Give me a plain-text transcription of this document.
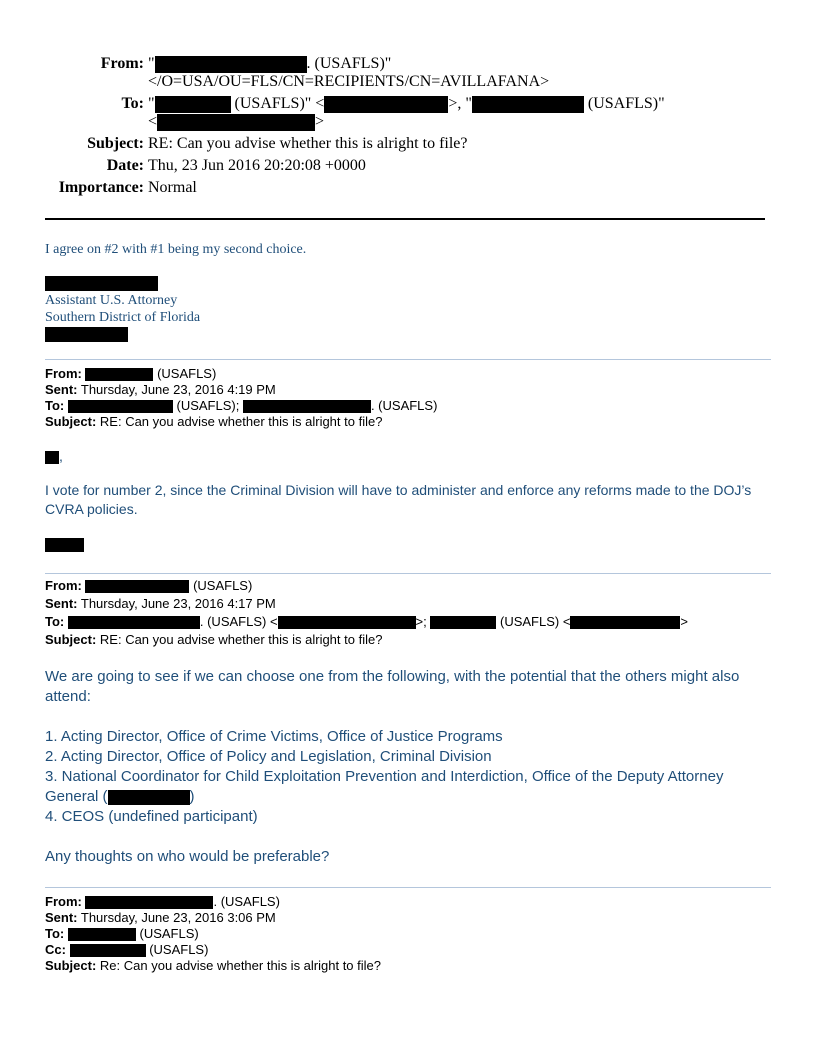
From: "	. (USAFLS)"
</O=USA/OU=FLS/CN=RECIPIENTS/CN=AVILLAFANA>
To: "	(USAFLS)" <	>, "	(USAFLS)"
<	>
Subject: RE: Can you advise whether this is alright to file?
Date: Thu, 23 Jun 2016 20:20:08 +0000
Importance: Normal
I agree on #2 with #1 being my second choice.
Assistant U.S. Attorney
Southern District of Florida
From:	(USAFLS)
Sent: Thursday, June 23, 2016 4:19 PM
To:	(USAFLS);	. (USAFLS)
Subject: RE: Can you advise whether this is alright to file?
,
I vote for number 2, since the Criminal Division will have to administer and enforce any reforms made to the DOJ’s CVRA policies.
From:	(USAFLS)
Sent: Thursday, June 23, 2016 4:17 PM
To:	. (USAFLS) <	>;	(USAFLS) <	>
Subject: RE: Can you advise whether this is alright to file?
We are going to see if we can choose one from the following, with the potential that the others might also attend:
1. Acting Director, Office of Crime Victims, Office of Justice Programs
2. Acting Director, Office of Policy and Legislation, Criminal Division
3. National Coordinator for Child Exploitation Prevention and Interdiction, Office of the Deputy Attorney
General (	)
4. CEOS (undefined participant)
Any thoughts on who would be preferable?
From:	. (USAFLS)
Sent: Thursday, June 23, 2016 3:06 PM
To:	(USAFLS)
Cc:	(USAFLS)
Subject: Re: Can you advise whether this is alright to file?
